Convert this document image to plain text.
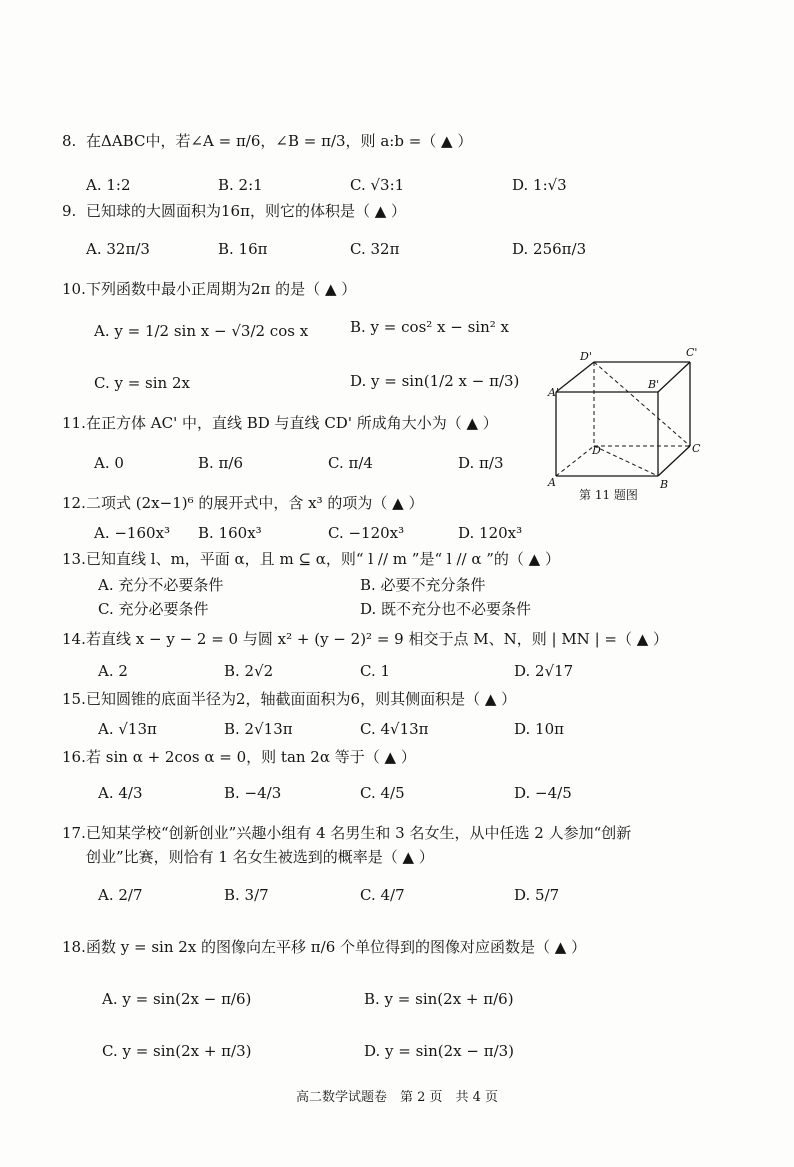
8. 在ΔABC中，若∠A = π/6，∠B = π/3，则 a:b =（ ▲ ）
A. 1:2	B. 2:1	C. √3:1	D. 1:√3
9. 已知球的大圆面积为16π，则它的体积是（ ▲ ）
A. 32π/3	B. 16π	C. 32π	D. 256π/3
10. 下列函数中最小正周期为2π 的是（ ▲ ）
A. y = 1/2 sin x − √3/2 cos x	B. y = cos² x − sin² x
C. y = sin 2x	D. y = sin(1/2 x − π/3)
11. 在正方体 AC' 中，直线 BD 与直线 CD' 所成角大小为（ ▲ ）
A. 0	B. π/6	C. π/4	D. π/3
A'
D'	C'
B'
A	B
C
D
第 11 题图
12. 二项式 (2x−1)⁶ 的展开式中，含 x³ 的项为（ ▲ ）
A. −160x³ B. 160x³	C. −120x³	D. 120x³
13. 已知直线 l、m，平面 α，且 m ⊆ α，则“ l // m ”是“ l // α ”的（ ▲ ）
A. 充分不必要条件	B. 必要不充分条件
C. 充分必要条件	D. 既不充分也不必要条件
14. 若直线 x − y − 2 = 0 与圆 x² + (y − 2)² = 9 相交于点 M、N，则 | MN | =（ ▲ ）
A. 2	B. 2√2	C. 1	D. 2√17
15. 已知圆锥的底面半径为2，轴截面面积为6，则其侧面积是（ ▲ ）
A. √13π	B. 2√13π	C. 4√13π	D. 10π
16. 若 sin α + 2cos α = 0，则 tan 2α 等于（ ▲ ）
A. 4/3	B. −4/3	C. 4/5	D. −4/5
17. 已知某学校“创新创业”兴趣小组有 4 名男生和 3 名女生，从中任选 2 人参加“创新
创业”比赛，则恰有 1 名女生被选到的概率是（ ▲ ）
A. 2/7	B. 3/7	C. 4/7	D. 5/7
18. 函数 y = sin 2x 的图像向左平移 π/6 个单位得到的图像对应函数是（ ▲ ）
A. y = sin(2x − π/6)	B. y = sin(2x + π/6)
C. y = sin(2x + π/3)	D. y = sin(2x − π/3)
高二数学试题卷　第 2 页　共 4 页
